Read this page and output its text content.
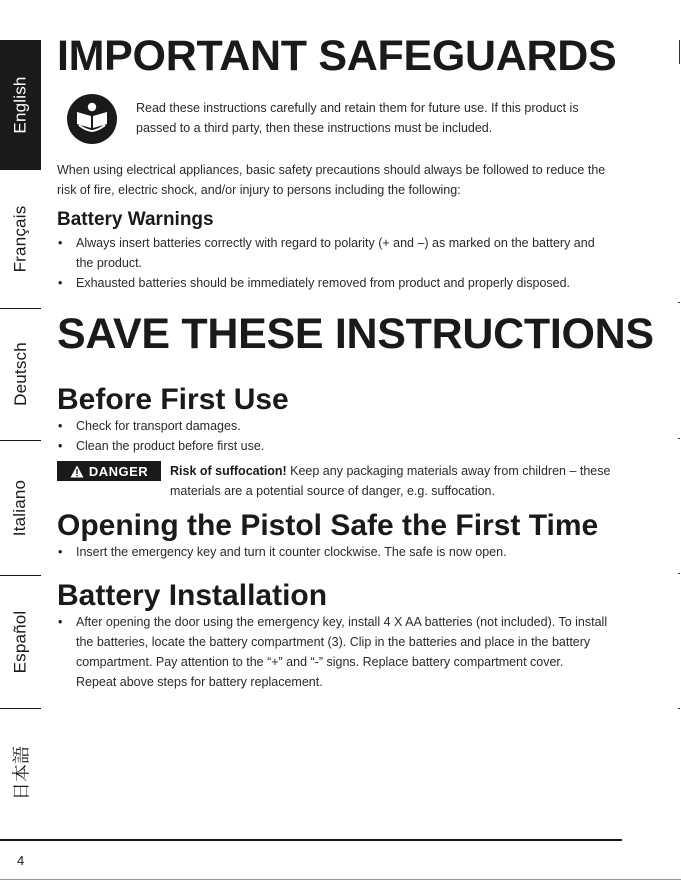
English
Français
Deutsch
Italiano
Español
日本語
IMPORTANT SAFEGUARDS
Read these instructions carefully and retain them for future use. If this product is
passed to a third party, then these instructions must be included.
When using electrical appliances, basic safety precautions should always be followed to reduce the
risk of fire, electric shock, and/or injury to persons including the following:
Battery Warnings
• Always insert batteries correctly with regard to polarity (+ and –) as marked on the battery and
the product.
• Exhausted batteries should be immediately removed from product and properly disposed.
SAVE THESE INSTRUCTIONS
Before First Use
• Check for transport damages.
• Clean the product before first use.
DANGER Risk of suffocation! Keep any packaging materials away from children – these
materials are a potential source of danger, e.g. suffocation.
Opening the Pistol Safe the First Time
• Insert the emergency key and turn it counter clockwise. The safe is now open.
Battery Installation
• After opening the door using the emergency key, install 4 X AA batteries (not included). To install
the batteries, locate the battery compartment (3). Clip in the batteries and place in the battery
compartment. Pay attention to the “+” and “-” signs. Replace battery compartment cover.
Repeat above steps for battery replacement.
4
